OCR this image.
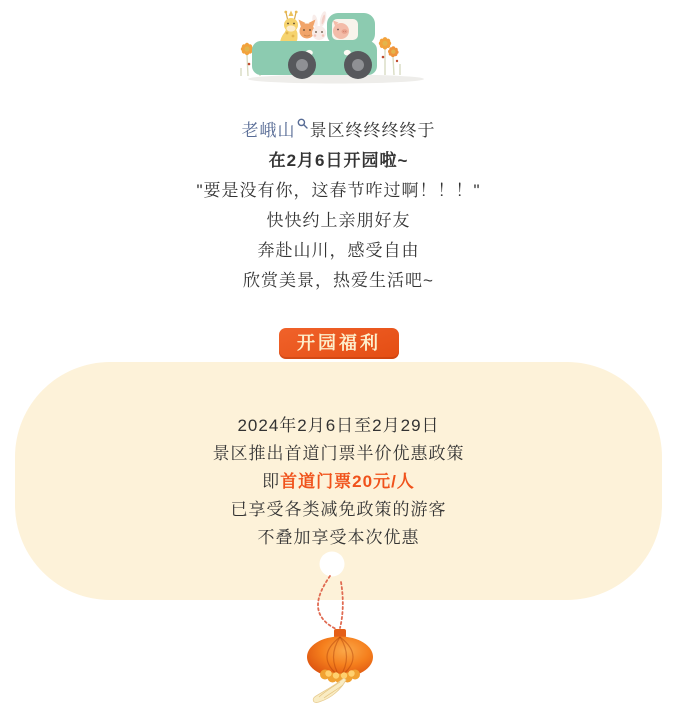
老峨山 景区终终终终于
在2月6日开园啦~
"要是没有你，这春节咋过啊！！！"
快快约上亲朋好友
奔赴山川，感受自由
欣赏美景，热爱生活吧~
开园福利
2024年2月6日至2月29日
景区推出首道门票半价优惠政策
即首道门票20元/人
已享受各类减免政策的游客
不叠加享受本次优惠
